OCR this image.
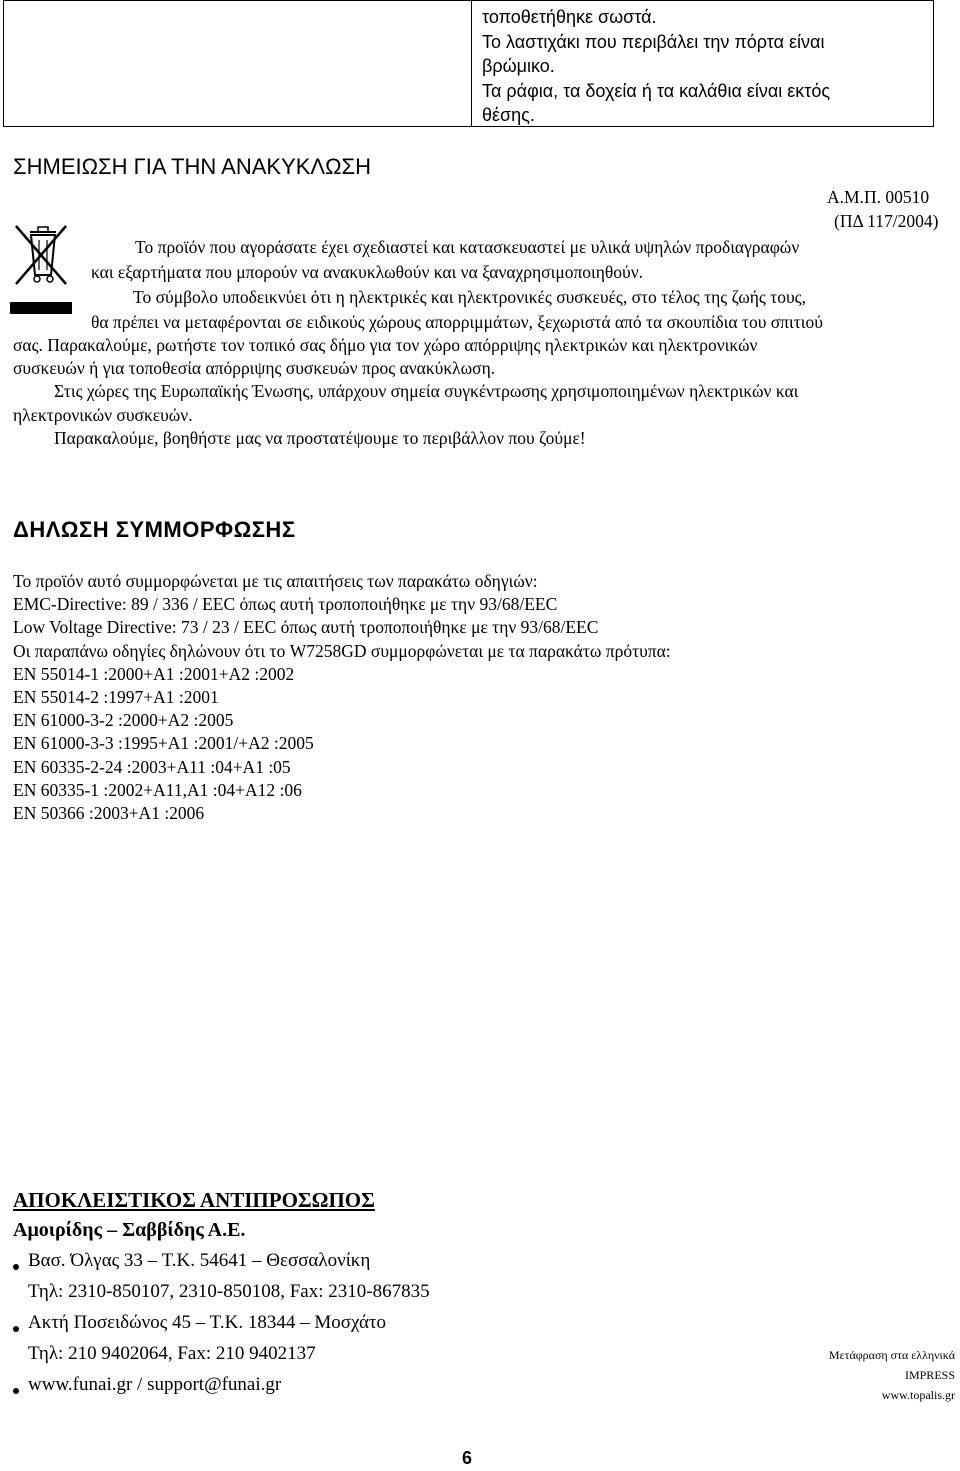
τοποθετήθηκε σωστά.
Το λαστιχάκι που περιβάλει την πόρτα είναι
βρώμικο.
Τα ράφια, τα δοχεία ή τα καλάθια είναι εκτός
θέσης.
ΣΗΜΕΙΩΣΗ ΓΙΑ ΤΗΝ ΑΝΑΚΥΚΛΩΣΗ
Α.Μ.Π. 00510
(ΠΔ 117/2004)
Το προϊόν που αγοράσατε έχει σχεδιαστεί και κατασκευαστεί με υλικά υψηλών προδιαγραφών
και εξαρτήματα που μπορούν να ανακυκλωθούν και να ξαναχρησιμοποιηθούν.
Το σύμβολο υποδεικνύει ότι η ηλεκτρικές και ηλεκτρονικές συσκευές, στο τέλος της ζωής τους,
θα πρέπει να μεταφέρονται σε ειδικούς χώρους απορριμμάτων, ξεχωριστά από τα σκουπίδια του σπιτιού
σας. Παρακαλούμε, ρωτήστε τον τοπικό σας δήμο για τον χώρο απόρριψης ηλεκτρικών και ηλεκτρονικών
συσκευών ή για τοποθεσία απόρριψης συσκευών προς ανακύκλωση.
Στις χώρες της Ευρωπαϊκής Ένωσης, υπάρχουν σημεία συγκέντρωσης χρησιμοποιημένων ηλεκτρικών και
ηλεκτρονικών συσκευών.
Παρακαλούμε, βοηθήστε μας να προστατέψουμε το περιβάλλον που ζούμε!
ΔΗΛΩΣΗ ΣΥΜΜΟΡΦΩΣΗΣ
Το προϊόν αυτό συμμορφώνεται με τις απαιτήσεις των παρακάτω οδηγιών:
EMC-Directive: 89 / 336 / EEC όπως αυτή τροποποιήθηκε με την 93/68/EEC
Low Voltage Directive: 73 / 23 / EEC όπως αυτή τροποποιήθηκε με την 93/68/EEC
Οι παραπάνω οδηγίες δηλώνουν ότι το W7258GD συμμορφώνεται με τα παρακάτω πρότυπα:
EN 55014-1 :2000+A1 :2001+A2 :2002
EN 55014-2 :1997+A1 :2001
EN 61000-3-2 :2000+A2 :2005
EN 61000-3-3 :1995+A1 :2001/+A2 :2005
EN 60335-2-24 :2003+A11 :04+A1 :05
EN 60335-1 :2002+A11,A1 :04+A12 :06
EN 50366 :2003+A1 :2006
ΑΠΟΚΛΕΙΣΤΙΚΟΣ ΑΝΤΙΠΡΟΣΩΠΟΣ
Αμοιρίδης – Σαββίδης Α.Ε.
Βασ. Όλγας 33 – Τ.Κ. 54641 – Θεσσαλονίκη
Τηλ: 2310-850107, 2310-850108, Fax: 2310-867835
Ακτή Ποσειδώνος 45 – Τ.Κ. 18344 – Μοσχάτο
Τηλ: 210 9402064, Fax: 210 9402137
www.funai.gr / support@funai.gr
Μετάφραση στα ελληνικά
IMPRESS
www.topalis.gr
6
